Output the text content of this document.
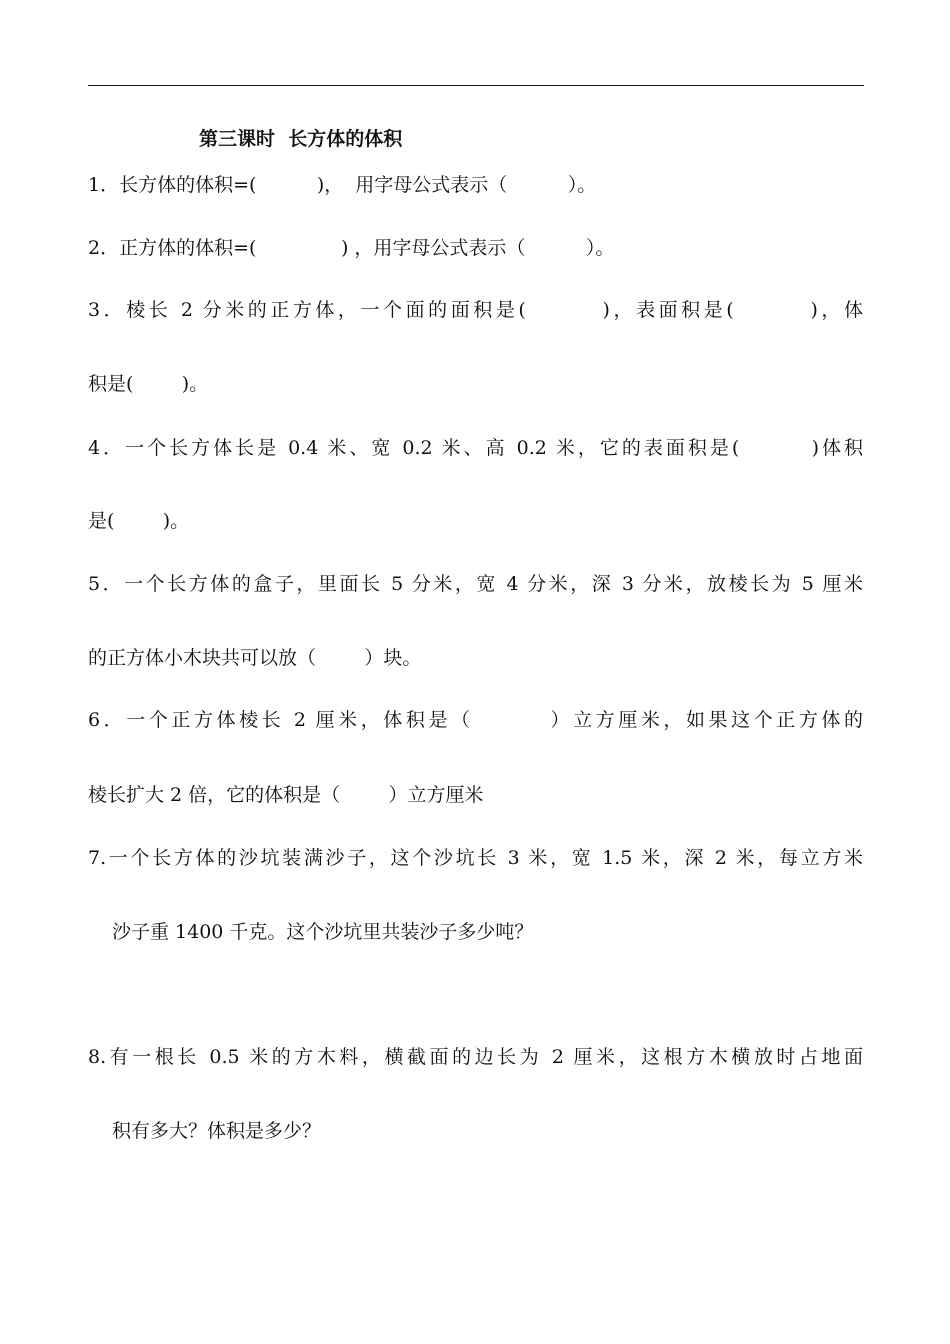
第三课时  长方体的体积
1．长方体的体积=(          )，  用字母公式表示（          ）。
2．正方体的体积=(              ) ，用字母公式表示（          ）。
3．棱长 2 分米的正方体，一个面的面积是(        )，表面积是(        )，体
积是(        )。
4．一个长方体长是 0.4 米、宽 0.2 米、高 0.2 米，它的表面积是(        )体积
是(        )。
5．一个长方体的盒子，里面长 5 分米，宽 4 分米，深 3 分米，放棱长为 5 厘米
的正方体小木块共可以放（        ）块。
6．一个正方体棱长 2 厘米，体积是（        ）立方厘米，如果这个正方体的
棱长扩大 2 倍，它的体积是（        ）立方厘米
7.一个长方体的沙坑装满沙子，这个沙坑长 3 米，宽 1.5 米，深 2 米，每立方米
沙子重 1400 千克。这个沙坑里共装沙子多少吨？
8.有一根长 0.5 米的方木料，横截面的边长为 2 厘米，这根方木横放时占地面
积有多大？体积是多少？
